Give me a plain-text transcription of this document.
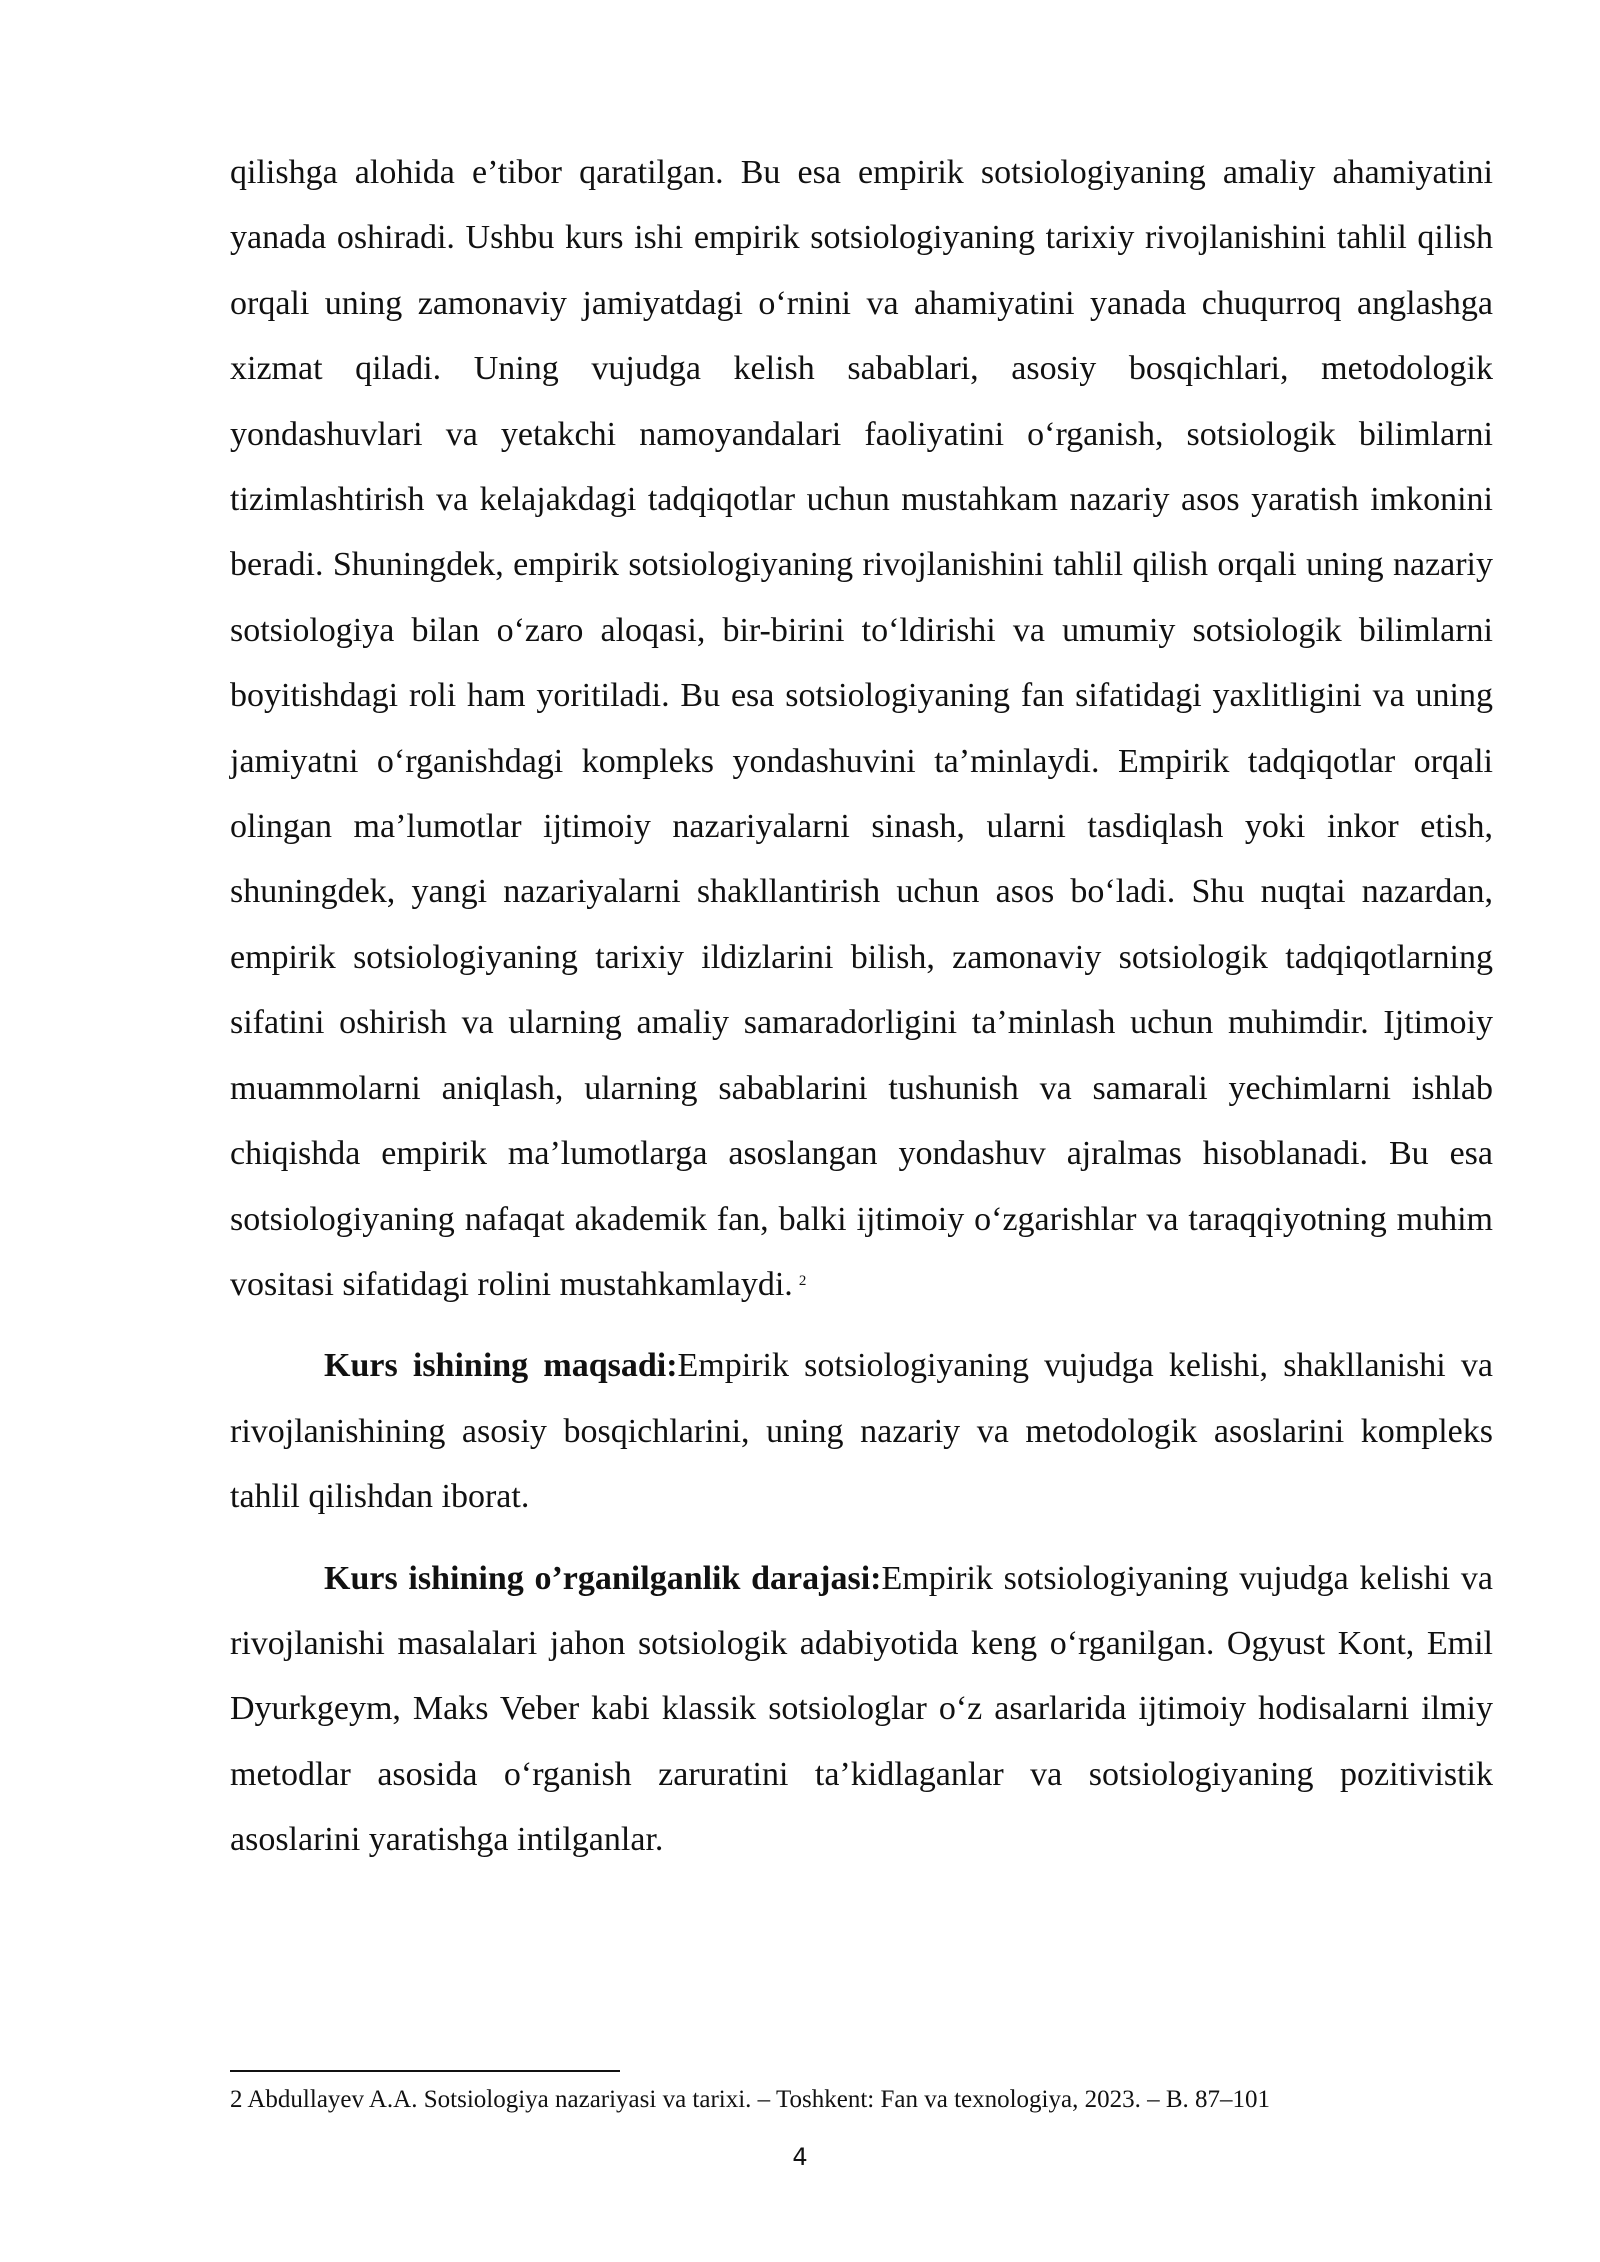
qilishga alohida e’tibor qaratilgan. Bu esa empirik sotsiologiyaning amaliy ahamiyatini yanada oshiradi. Ushbu kurs ishi empirik sotsiologiyaning tarixiy rivojlanishini tahlil qilish orqali uning zamonaviy jamiyatdagi o‘rnini va ahamiyatini yanada chuqurroq anglashga xizmat qiladi. Uning vujudga kelish sabablari, asosiy bosqichlari, metodologik yondashuvlari va yetakchi namoyandalari faoliyatini o‘rganish, sotsiologik bilimlarni tizimlashtirish va kelajakdagi tadqiqotlar uchun mustahkam nazariy asos yaratish imkonini beradi. Shuningdek, empirik sotsiologiyaning rivojlanishini tahlil qilish orqali uning nazariy sotsiologiya bilan o‘zaro aloqasi, bir-birini to‘ldirishi va umumiy sotsiologik bilimlarni boyitishdagi roli ham yoritiladi. Bu esa sotsiologiyaning fan sifatidagi yaxlitligini va uning jamiyatni o‘rganishdagi kompleks yondashuvini ta’minlaydi. Empirik tadqiqotlar orqali olingan ma’lumotlar ijtimoiy nazariyalarni sinash, ularni tasdiqlash yoki inkor etish, shuningdek, yangi nazariyalarni shakllantirish uchun asos bo‘ladi. Shu nuqtai nazardan, empirik sotsiologiyaning tarixiy ildizlarini bilish, zamonaviy sotsiologik tadqiqotlarning sifatini oshirish va ularning amaliy samaradorligini ta’minlash uchun muhimdir. Ijtimoiy muammolarni aniqlash, ularning sabablarini tushunish va samarali yechimlarni ishlab chiqishda empirik ma’lumotlarga asoslangan yondashuv ajralmas hisoblanadi. Bu esa sotsiologiyaning nafaqat akademik fan, balki ijtimoiy o‘zgarishlar va taraqqiyotning muhim vositasi sifatidagi rolini mustahkamlaydi. $^2$

Kurs ishining maqsadi:Empirik sotsiologiyaning vujudga kelishi, shakllanishi va rivojlanishining asosiy bosqichlarini, uning nazariy va metodologik asoslarini kompleks tahlil qilishdan iborat.

Kurs ishining o’rganilganlik darajasi:Empirik sotsiologiyaning vujudga kelishi va rivojlanishi masalalari jahon sotsiologik adabiyotida keng o‘rganilgan. Ogyust Kont, Emil Dyurkgeym, Maks Veber kabi klassik sotsiologlar o‘z asarlarida ijtimoiy hodisalarni ilmiy metodlar asosida o‘rganish zaruratini ta’kidlaganlar va sotsiologiyaning pozitivistik asoslarini yaratishga intilganlar.

2 Abdullayev A.A. Sotsiologiya nazariyasi va tarixi. – Toshkent: Fan va texnologiya, 2023. – B. 87–101
4
